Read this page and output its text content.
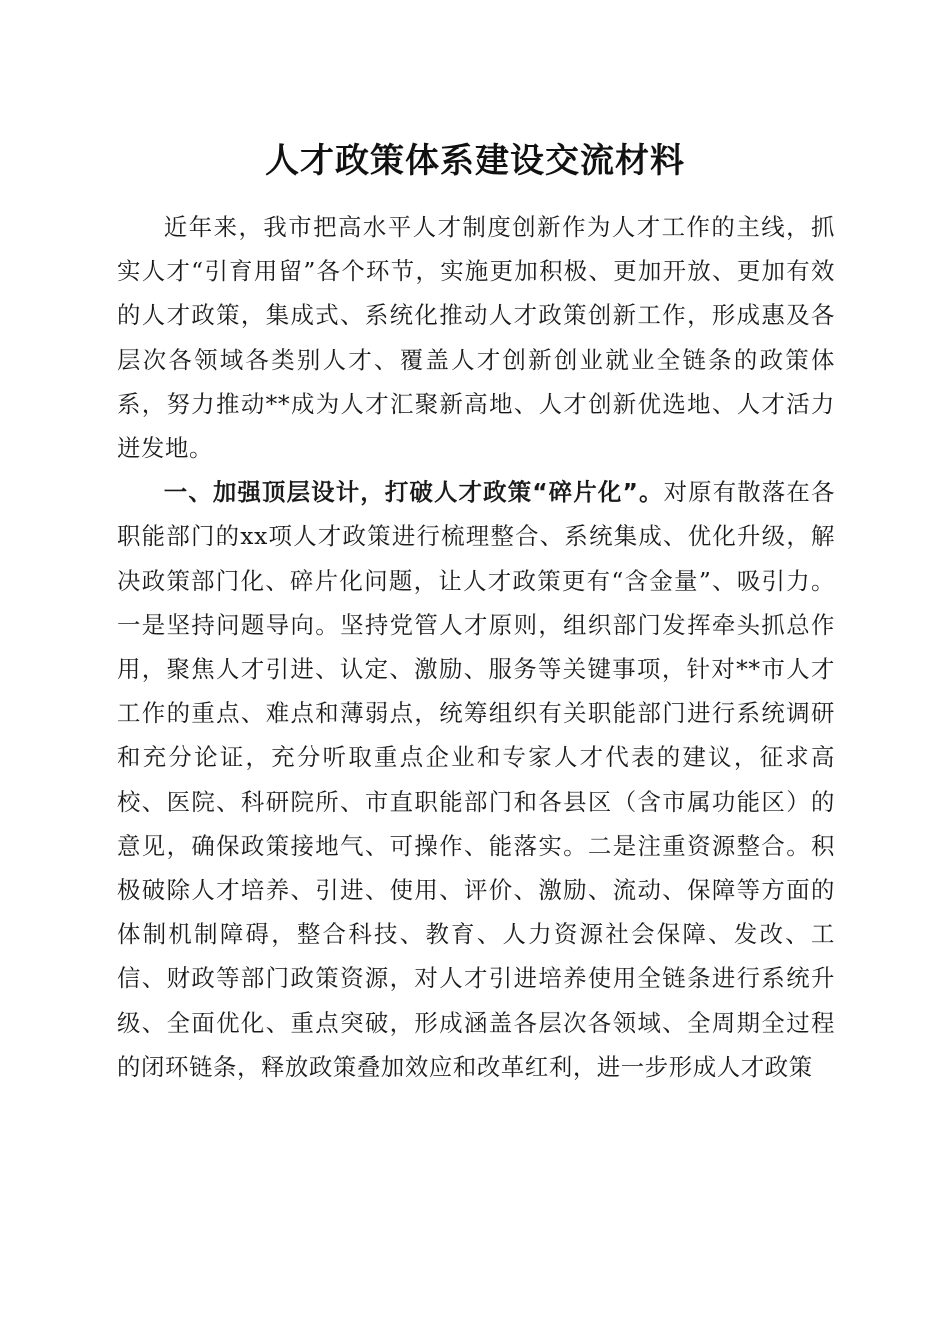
人才政策体系建设交流材料

近年来，我市把高水平人才制度创新作为人才工作的主线，抓实人才“引育用留”各个环节，实施更加积极、更加开放、更加有效的人才政策，集成式、系统化推动人才政策创新工作，形成惠及各层次各领域各类别人才、覆盖人才创新创业就业全链条的政策体系，努力推动**成为人才汇聚新高地、人才创新优选地、人才活力迸发地。

一、加强顶层设计，打破人才政策“碎片化”。对原有散落在各职能部门的xx项人才政策进行梳理整合、系统集成、优化升级，解决政策部门化、碎片化问题，让人才政策更有“含金量”、吸引力。一是坚持问题导向。坚持党管人才原则，组织部门发挥牵头抓总作用，聚焦人才引进、认定、激励、服务等关键事项，针对**市人才工作的重点、难点和薄弱点，统筹组织有关职能部门进行系统调研和充分论证，充分听取重点企业和专家人才代表的建议，征求高校、医院、科研院所、市直职能部门和各县区（含市属功能区）的意见，确保政策接地气、可操作、能落实。二是注重资源整合。积极破除人才培养、引进、使用、评价、激励、流动、保障等方面的体制机制障碍，整合科技、教育、人力资源社会保障、发改、工信、财政等部门政策资源，对人才引进培养使用全链条进行系统升级、全面优化、重点突破，形成涵盖各层次各领域、全周期全过程的闭环链条，释放政策叠加效应和改革红利，进一步形成人才政策
